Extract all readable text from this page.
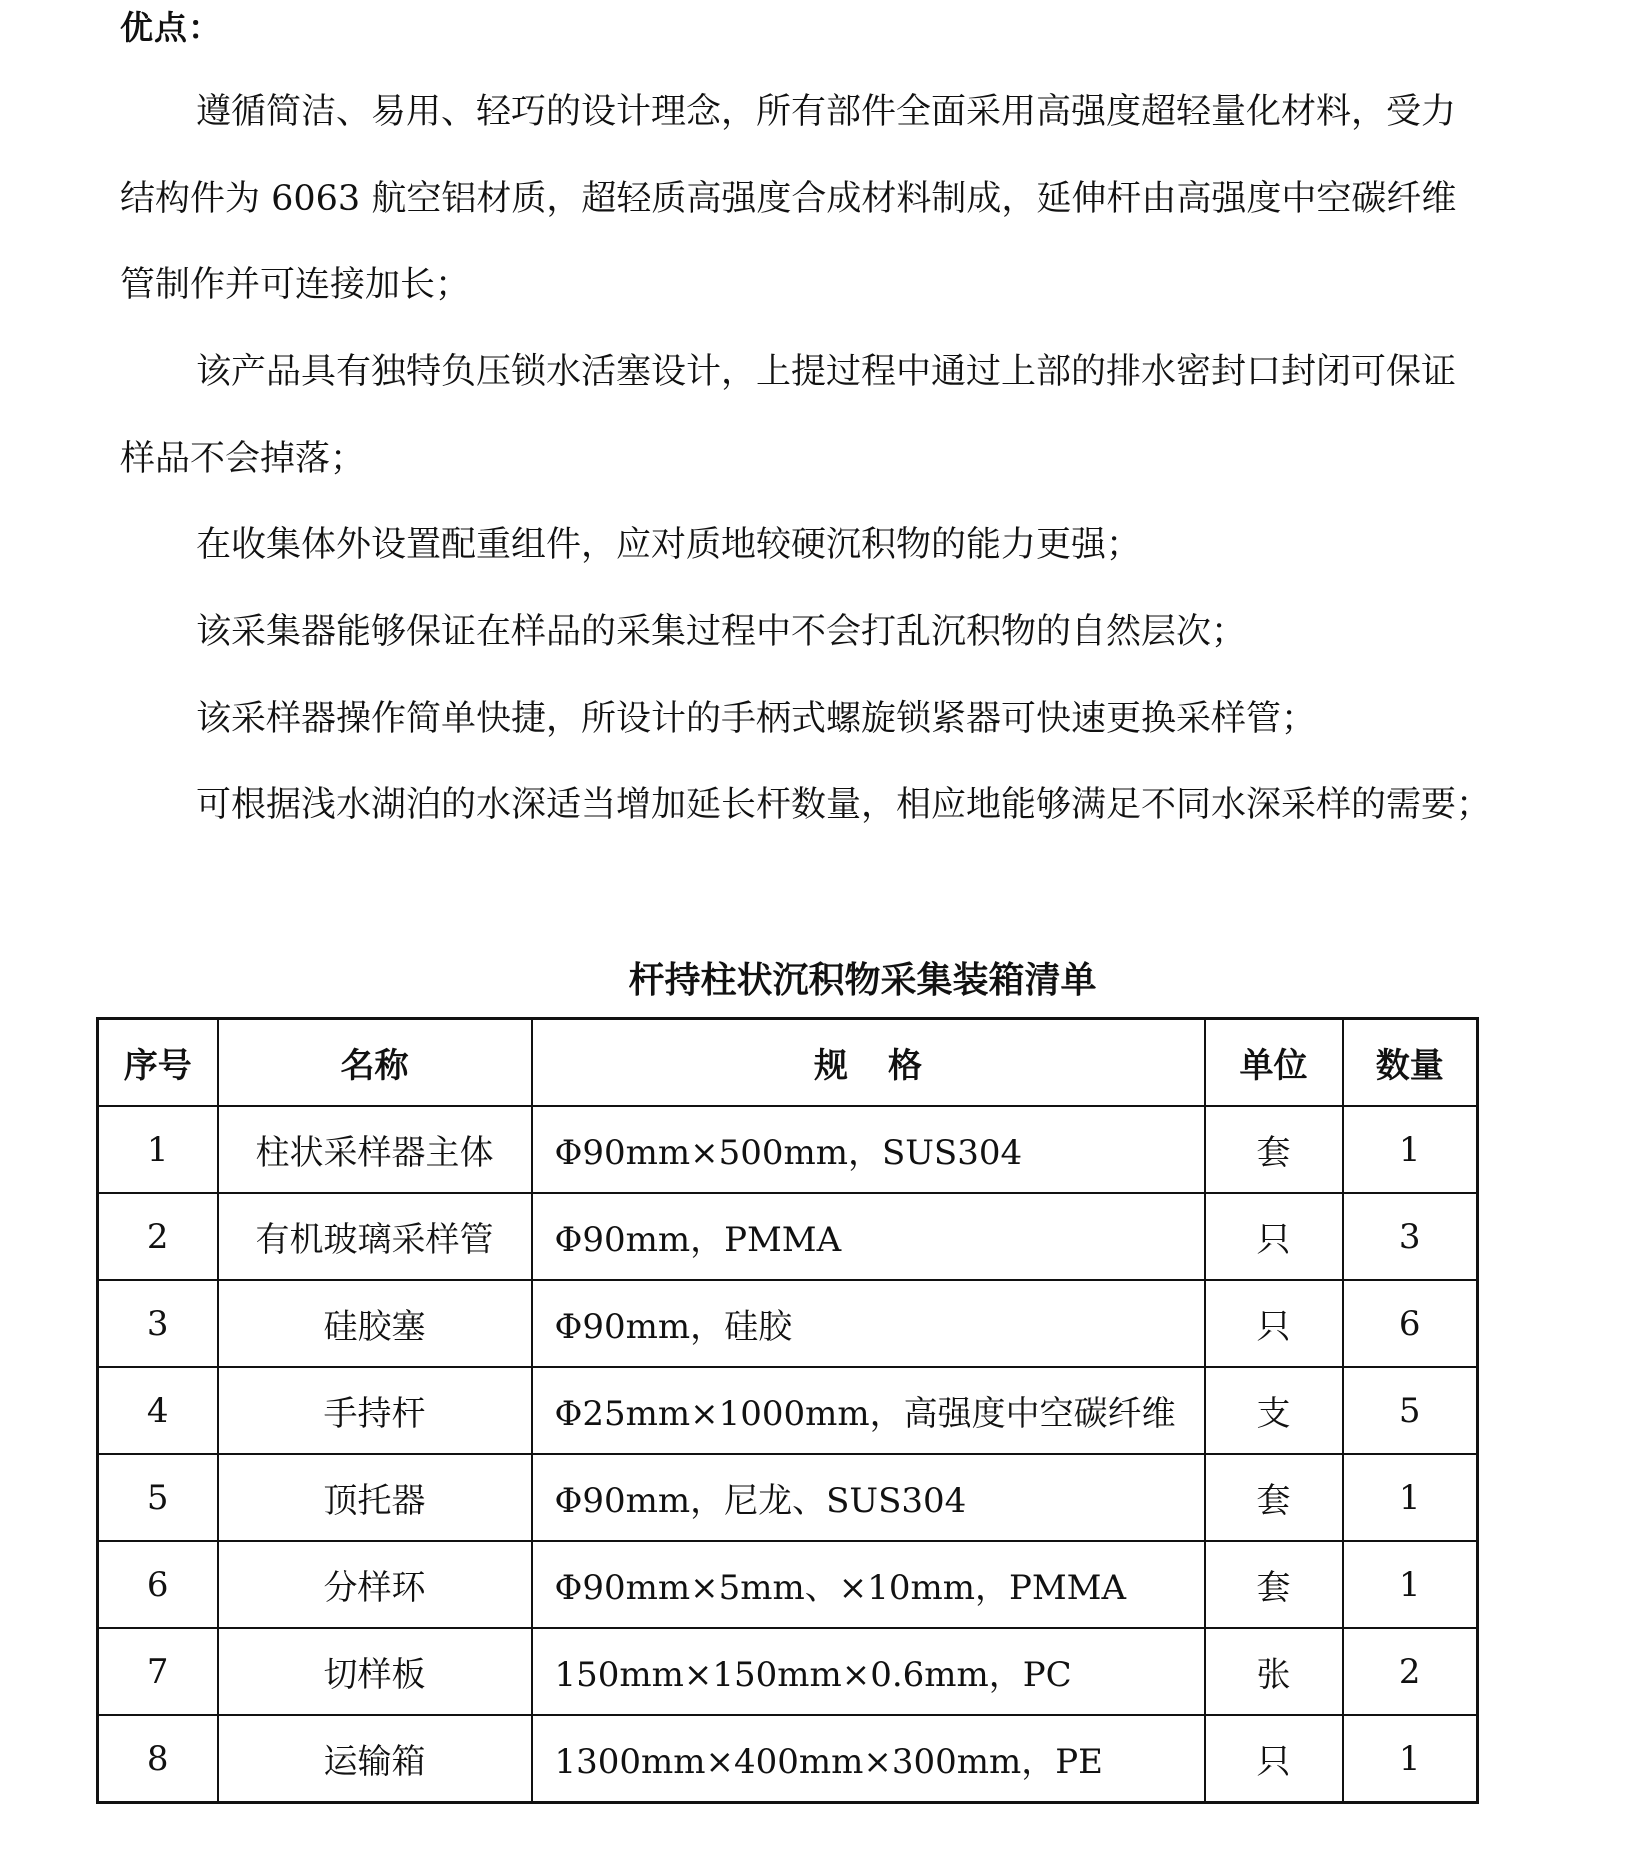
优点：
遵循简洁、易用、轻巧的设计理念，所有部件全面采用高强度超轻量化材料，受力
结构件为 6063 航空铝材质，超轻质高强度合成材料制成，延伸杆由高强度中空碳纤维
管制作并可连接加长；
该产品具有独特负压锁水活塞设计，上提过程中通过上部的排水密封口封闭可保证
样品不会掉落；
在收集体外设置配重组件，应对质地较硬沉积物的能力更强；
该采集器能够保证在样品的采集过程中不会打乱沉积物的自然层次；
该采样器操作简单快捷，所设计的手柄式螺旋锁紧器可快速更换采样管；
可根据浅水湖泊的水深适当增加延长杆数量，相应地能够满足不同水深采样的需要；
杆持柱状沉积物采集装箱清单
序号	名称	规格	单位	数量
1	柱状采样器主体	Φ90mm×500mm，SUS304	套	1
2	有机玻璃采样管	Φ90mm，PMMA	只	3
3	硅胶塞	Φ90mm，硅胶	只	6
4	手持杆	Φ25mm×1000mm，高强度中空碳纤维	支	5
5	顶托器	Φ90mm，尼龙、SUS304	套	1
6	分样环	Φ90mm×5mm、×10mm，PMMA	套	1
7	切样板	150mm×150mm×0.6mm，PC	张	2
8	运输箱	1300mm×400mm×300mm，PE	只	1
